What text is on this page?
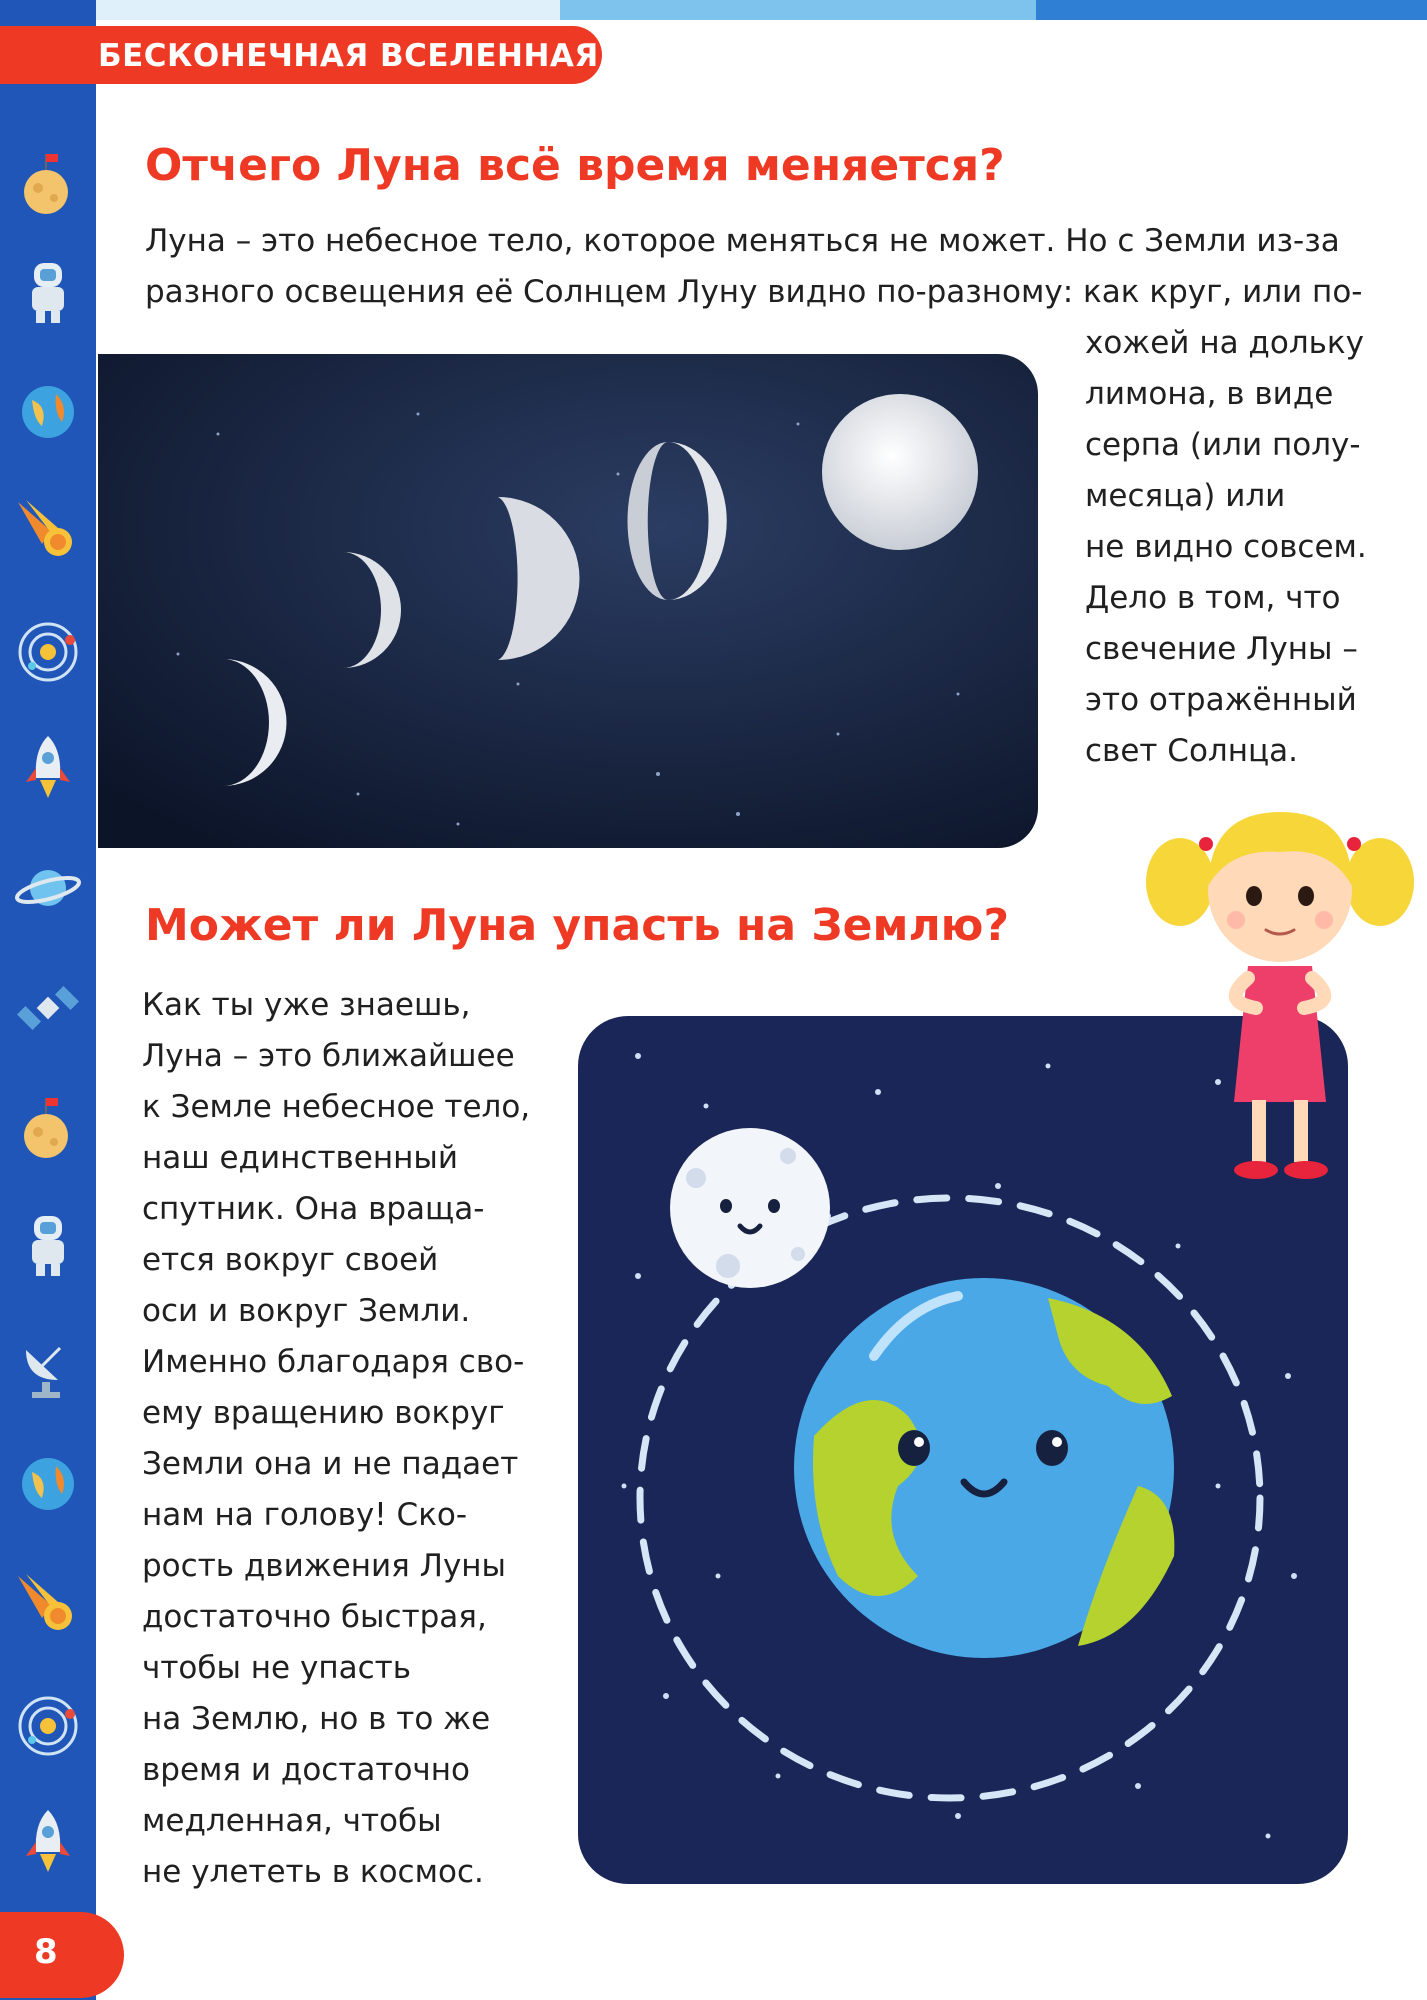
БЕСКОНЕЧНАЯ ВСЕЛЕННАЯ
Отчего Луна всё время меняется?
Луна – это небесное тело, которое меняться не может. Но с Земли из-за
разного освещения её Солнцем Луну видно по-разному: как круг, или по-
хожей на дольку
лимона, в виде
серпа (или полу-
месяца) или
не видно совсем.
Дело в том, что
свечение Луны –
это отражённый
свет Солнца.
Может ли Луна упасть на Землю?
Как ты уже знаешь,
Луна – это ближайшее
к Земле небесное тело,
наш единственный
спутник. Она враща-
ется вокруг своей
оси и вокруг Земли.
Именно благодаря сво-
ему вращению вокруг
Земли она и не падает
нам на голову! Ско-
рость движения Луны
достаточно быстрая,
чтобы не упасть
на Землю, но в то же
время и достаточно
медленная, чтобы
не улететь в космос.
8
